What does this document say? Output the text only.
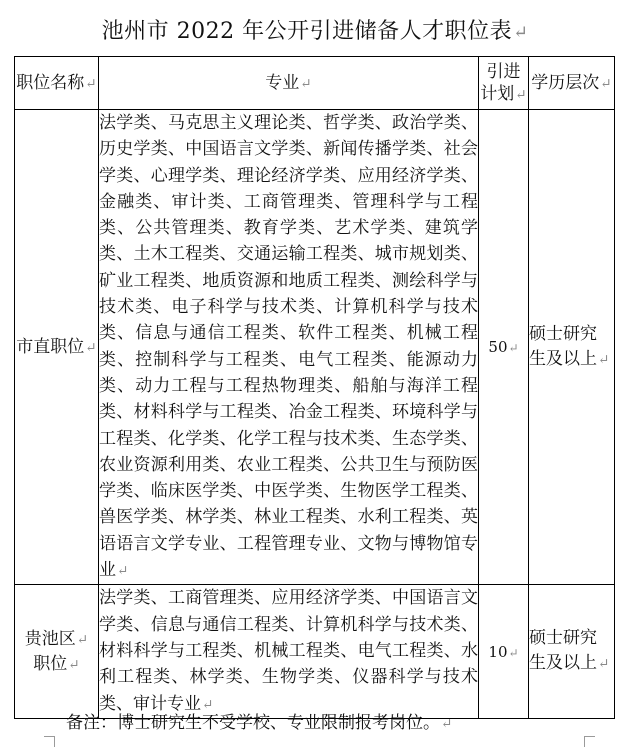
池州市 2022 年公开引进储备人才职位表↵
职位名称↵	专业↵	引进
计划↵	学历层次↵
市直职位↵	法学类、马克思主义理论类、哲学类、政治学类、历史学类、中国语言文学类、新闻传播学类、社会学类、心理学类、理论经济学类、应用经济学类、金融类、审计类、工商管理类、管理科学与工程类、公共管理类、教育学类、艺术学类、建筑学类、土木工程类、交通运输工程类、城市规划类、矿业工程类、地质资源和地质工程类、测绘科学与技术类、电子科学与技术类、计算机科学与技术类、信息与通信工程类、软件工程类、机械工程类、控制科学与工程类、电气工程类、能源动力类、动力工程与工程热物理类、船舶与海洋工程类、材料科学与工程类、冶金工程类、环境科学与工程类、化学类、化学工程与技术类、生态学类、农业资源利用类、农业工程类、公共卫生与预防医学类、临床医学类、中医学类、生物医学工程类、兽医学类、林学类、林业工程类、水利工程类、英语语言文学专业、工程管理专业、文物与博物馆专业↵	50↵	硕士研究
生及以上↵
贵池区↵
职位↵	法学类、工商管理类、应用经济学类、中国语言文学类、信息与通信工程类、计算机科学与技术类、材料科学与工程类、机械工程类、电气工程类、水利工程类、林学类、生物学类、仪器科学与技术类、审计专业↵	10↵	硕士研究
生及以上↵
备注：博士研究生不受学校、专业限制报考岗位。↵
